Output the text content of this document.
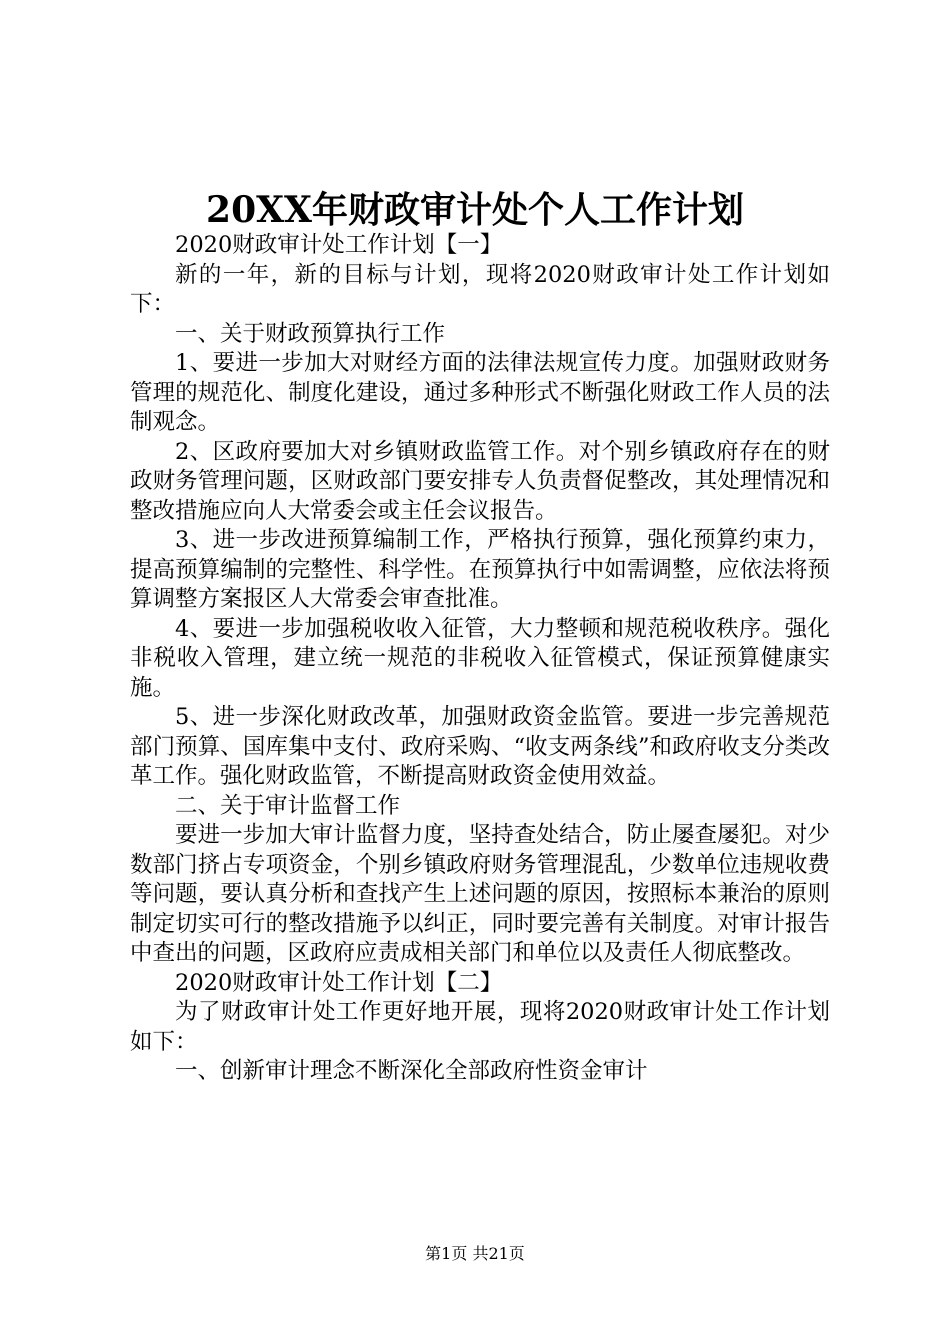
20XX年财政审计处个人工作计划

2020财政审计处工作计划【一】

新的一年，新的目标与计划，现将2020财政审计处工作计划如下：

一、关于财政预算执行工作

1、要进一步加大对财经方面的法律法规宣传力度。加强财政财务管理的规范化、制度化建设，通过多种形式不断强化财政工作人员的法制观念。

2、区政府要加大对乡镇财政监管工作。对个别乡镇政府存在的财政财务管理问题，区财政部门要安排专人负责督促整改，其处理情况和整改措施应向人大常委会或主任会议报告。

3、进一步改进预算编制工作，严格执行预算，强化预算约束力，提高预算编制的完整性、科学性。在预算执行中如需调整，应依法将预算调整方案报区人大常委会审查批准。

4、要进一步加强税收收入征管，大力整顿和规范税收秩序。强化非税收入管理，建立统一规范的非税收入征管模式，保证预算健康实施。

5、进一步深化财政改革，加强财政资金监管。要进一步完善规范部门预算、国库集中支付、政府采购、“收支两条线”和政府收支分类改革工作。强化财政监管，不断提高财政资金使用效益。

二、关于审计监督工作

要进一步加大审计监督力度，坚持查处结合，防止屡查屡犯。对少数部门挤占专项资金，个别乡镇政府财务管理混乱，少数单位违规收费等问题，要认真分析和查找产生上述问题的原因，按照标本兼治的原则制定切实可行的整改措施予以纠正，同时要完善有关制度。对审计报告中查出的问题，区政府应责成相关部门和单位以及责任人彻底整改。

2020财政审计处工作计划【二】

为了财政审计处工作更好地开展，现将2020财政审计处工作计划如下：

一、创新审计理念不断深化全部政府性资金审计

第1页 共21页
